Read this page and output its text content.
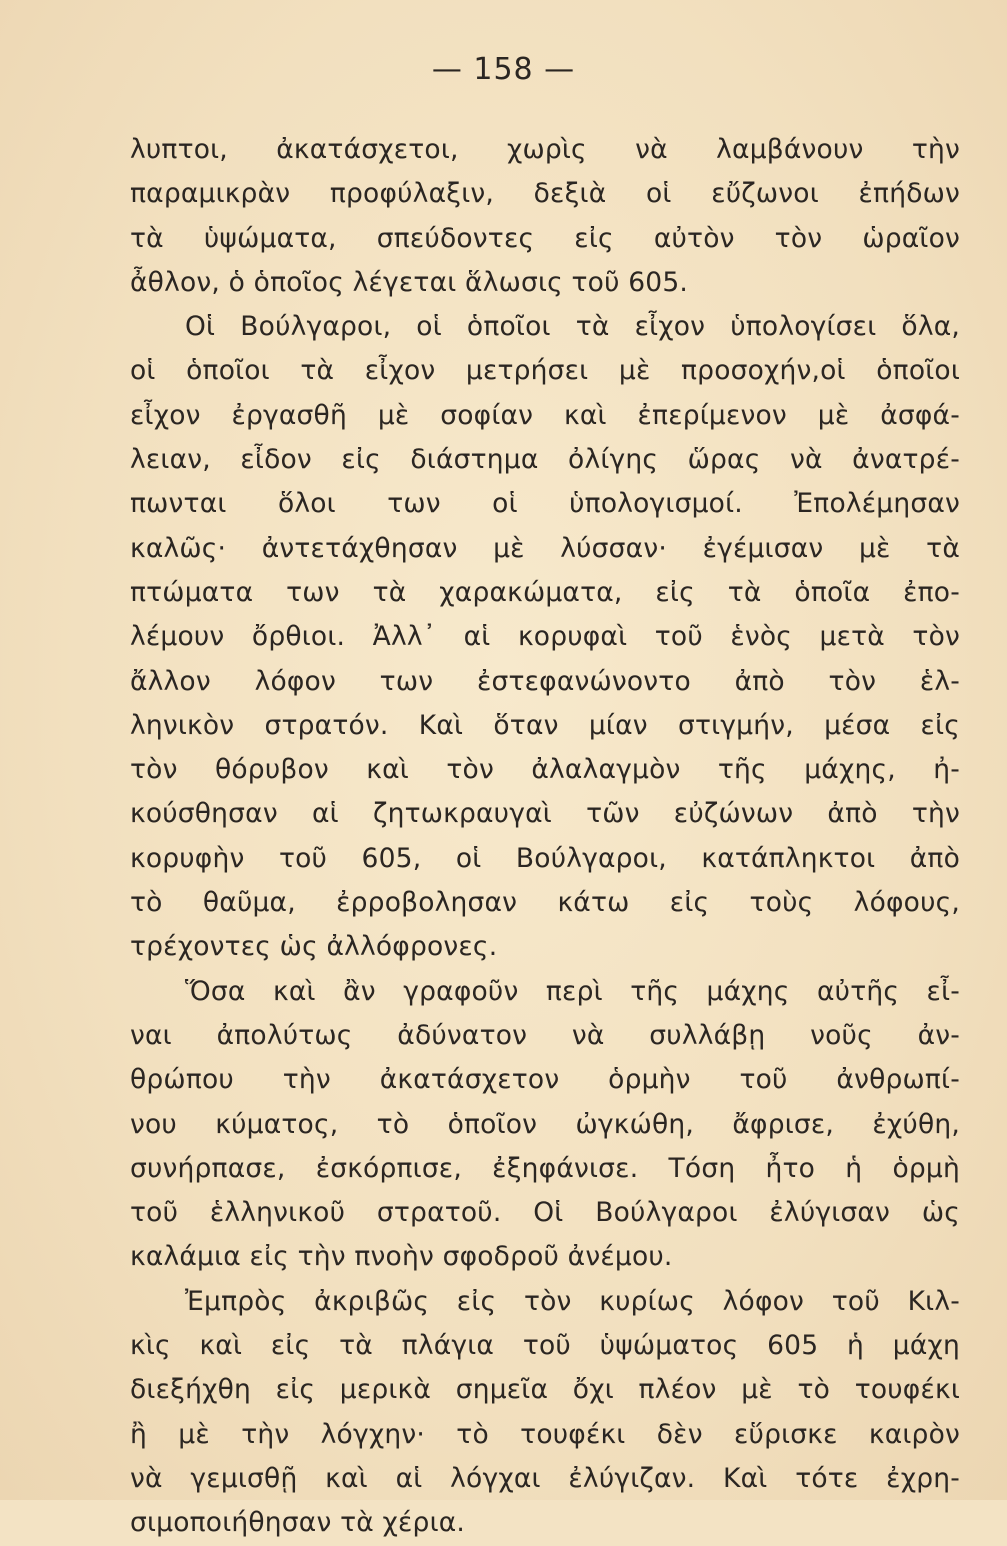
— 158 —
λυπτοι, ἀκατάσχετοι, χωρὶς νὰ λαμβάνουν τὴν
παραμικρὰν προφύλαξιν, δεξιὰ οἱ εὔζωνοι ἐπήδων
τὰ ὑψώματα, σπεύδοντες εἰς αὐτὸν τὸν ὡραῖον
ἆθλον, ὁ ὁποῖος λέγεται ἅλωσις τοῦ 605.
Οἱ Βούλγαροι, οἱ ὁποῖοι τὰ εἶχον ὑπολογίσει ὅλα,
οἱ ὁποῖοι τὰ εἶχον μετρήσει μὲ προσοχήν,οἱ ὁποῖοι
εἶχον ἐργασθῆ μὲ σοφίαν καὶ ἐπερίμενον μὲ ἀσφά-
λειαν, εἶδον εἰς διάστημα ὀλίγης ὥρας νὰ ἀνατρέ-
πωνται ὅλοι των οἱ ὑπολογισμοί. Ἐπολέμησαν
καλῶς· ἀντετάχθησαν μὲ λύσσαν· ἐγέμισαν μὲ τὰ
πτώματα των τὰ χαρακώματα, εἰς τὰ ὁποῖα ἐπο-
λέμουν ὄρθιοι. Ἀλλ᾽ αἱ κορυφαὶ τοῦ ἑνὸς μετὰ τὸν
ἄλλον λόφον των ἐστεφανώνοντο ἀπὸ τὸν ἑλ-
ληνικὸν στρατόν. Καὶ ὅταν μίαν στιγμήν, μέσα εἰς
τὸν θόρυβον καὶ τὸν ἀλαλαγμὸν τῆς μάχης, ἠ-
κούσθησαν αἱ ζητωκραυγαὶ τῶν εὐζώνων ἀπὸ τὴν
κορυφὴν τοῦ 605, οἱ Βούλγαροι, κατάπληκτοι ἀπὸ
τὸ θαῦμα, ἐρροβολησαν κάτω εἰς τοὺς λόφους,
τρέχοντες ὡς ἀλλόφρονες.
Ὅσα καὶ ἂν γραφοῦν περὶ τῆς μάχης αὐτῆς εἶ-
ναι ἀπολύτως ἀδύνατον νὰ συλλάβῃ νοῦς ἀν-
θρώπου τὴν ἀκατάσχετον ὁρμὴν τοῦ ἀνθρωπί-
νου κύματος, τὸ ὁποῖον ὠγκώθη, ἄφρισε, ἐχύθη,
συνήρπασε, ἐσκόρπισε, ἐξηφάνισε. Τόση ἦτο ἡ ὁρμὴ
τοῦ ἑλληνικοῦ στρατοῦ. Οἱ Βούλγαροι ἐλύγισαν ὡς
καλάμια εἰς τὴν πνοὴν σφοδροῦ ἀνέμου.
Ἐμπρὸς ἀκριβῶς εἰς τὸν κυρίως λόφον τοῦ Κιλ-
κὶς καὶ εἰς τὰ πλάγια τοῦ ὑψώματος 605 ἡ μάχη
διεξήχθη εἰς μερικὰ σημεῖα ὄχι πλέον μὲ τὸ τουφέκι
ἢ μὲ τὴν λόγχην· τὸ τουφέκι δὲν εὕρισκε καιρὸν
νὰ γεμισθῇ καὶ αἱ λόγχαι ἐλύγιζαν. Καὶ τότε ἐχρη-
σιμοποιήθησαν τὰ χέρια.
